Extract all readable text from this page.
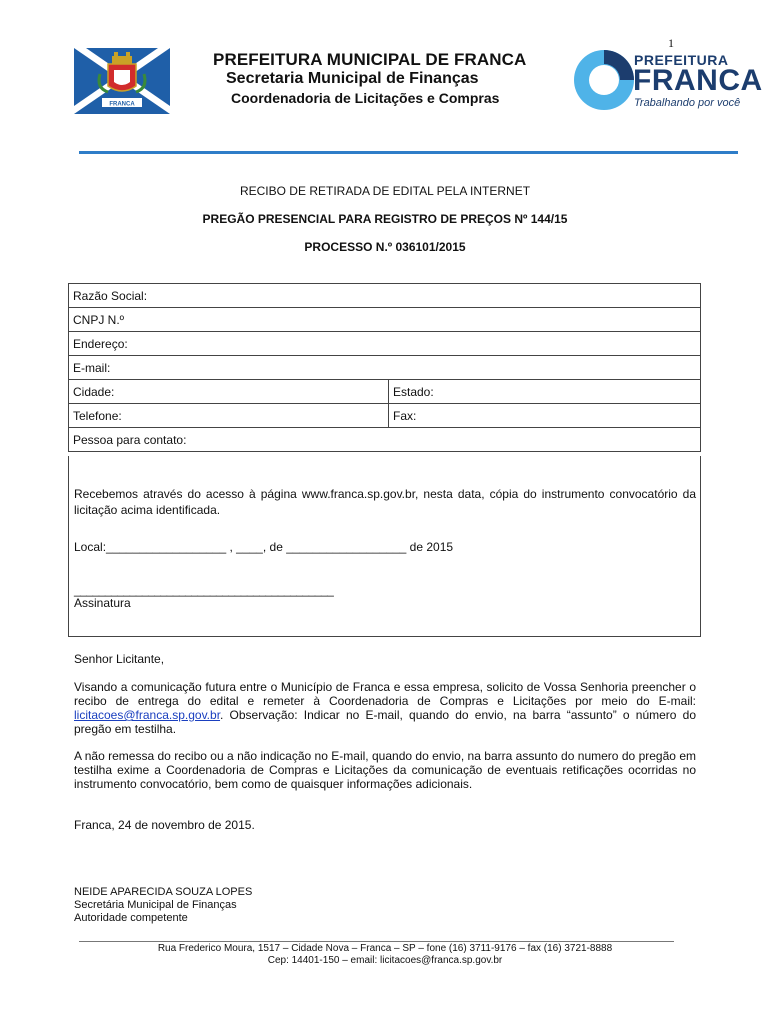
1
FRANCA
PREFEITURA MUNICIPAL DE FRANCA
Secretaria Municipal de Finanças
Coordenadoria de Licitações e Compras
PREFEITURA
FRANCA
Trabalhando por você
RECIBO DE RETIRADA DE EDITAL PELA INTERNET
PREGÃO PRESENCIAL PARA REGISTRO DE PREÇOS Nº 144/15
PROCESSO N.º 036101/2015
Razão Social:	
CNPJ N.º	
Endereço:	
E-mail:	
Cidade:	Estado:
Telefone:	Fax:
Pessoa para contato:	
Recebemos através do acesso à página www.franca.sp.gov.br, nesta data, cópia do instrumento convocatório da licitação acima identificada.
Local:__________________ , ____, de __________________ de 2015
__________________________________________
Assinatura
Senhor Licitante,
Visando a comunicação futura entre o Município de Franca e essa empresa, solicito de Vossa Senhoria preencher o recibo de entrega do edital e remeter à Coordenadoria de Compras e Licitações por meio do E-mail: licitacoes@franca.sp.gov.br. Observação: Indicar no E-mail, quando do envio, na barra “assunto” o número do pregão em testilha.
A não remessa do recibo ou a não indicação no E-mail, quando do envio, na barra assunto do numero do pregão em testilha exime a Coordenadoria de Compras e Licitações da comunicação de eventuais retificações ocorridas no instrumento convocatório, bem como de quaisquer informações adicionais.
Franca, 24 de novembro de 2015.
NEIDE APARECIDA SOUZA LOPES
Secretária Municipal de Finanças
Autoridade competente
Rua Frederico Moura, 1517 – Cidade Nova – Franca – SP – fone (16) 3711-9176 – fax (16) 3721-8888
Cep: 14401-150 – email: licitacoes@franca.sp.gov.br
